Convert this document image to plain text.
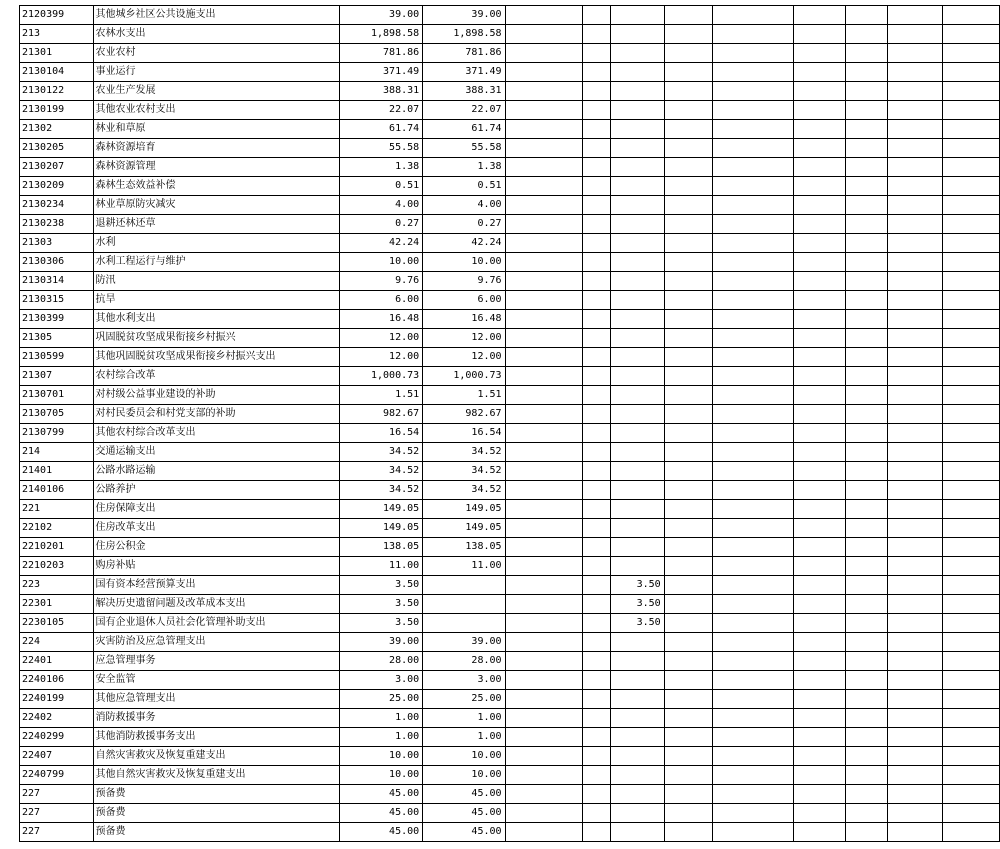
2120399	其他城乡社区公共设施支出	39.00	39.00									
213	农林水支出	1,898.58	1,898.58									
21301	农业农村	781.86	781.86									
2130104	事业运行	371.49	371.49									
2130122	农业生产发展	388.31	388.31									
2130199	其他农业农村支出	22.07	22.07									
21302	林业和草原	61.74	61.74									
2130205	森林资源培育	55.58	55.58									
2130207	森林资源管理	1.38	1.38									
2130209	森林生态效益补偿	0.51	0.51									
2130234	林业草原防灾减灾	4.00	4.00									
2130238	退耕还林还草	0.27	0.27									
21303	水利	42.24	42.24									
2130306	水利工程运行与维护	10.00	10.00									
2130314	防汛	9.76	9.76									
2130315	抗旱	6.00	6.00									
2130399	其他水利支出	16.48	16.48									
21305	巩固脱贫攻坚成果衔接乡村振兴	12.00	12.00									
2130599	其他巩固脱贫攻坚成果衔接乡村振兴支出	12.00	12.00									
21307	农村综合改革	1,000.73	1,000.73									
2130701	对村级公益事业建设的补助	1.51	1.51									
2130705	对村民委员会和村党支部的补助	982.67	982.67									
2130799	其他农村综合改革支出	16.54	16.54									
214	交通运输支出	34.52	34.52									
21401	公路水路运输	34.52	34.52									
2140106	公路养护	34.52	34.52									
221	住房保障支出	149.05	149.05									
22102	住房改革支出	149.05	149.05									
2210201	住房公积金	138.05	138.05									
2210203	购房补贴	11.00	11.00									
223	国有资本经营预算支出	3.50				3.50						
22301	解决历史遗留问题及改革成本支出	3.50				3.50						
2230105	国有企业退休人员社会化管理补助支出	3.50				3.50						
224	灾害防治及应急管理支出	39.00	39.00									
22401	应急管理事务	28.00	28.00									
2240106	安全监管	3.00	3.00									
2240199	其他应急管理支出	25.00	25.00									
22402	消防救援事务	1.00	1.00									
2240299	其他消防救援事务支出	1.00	1.00									
22407	自然灾害救灾及恢复重建支出	10.00	10.00									
2240799	其他自然灾害救灾及恢复重建支出	10.00	10.00									
227	预备费	45.00	45.00									
227	预备费	45.00	45.00									
227	预备费	45.00	45.00									
